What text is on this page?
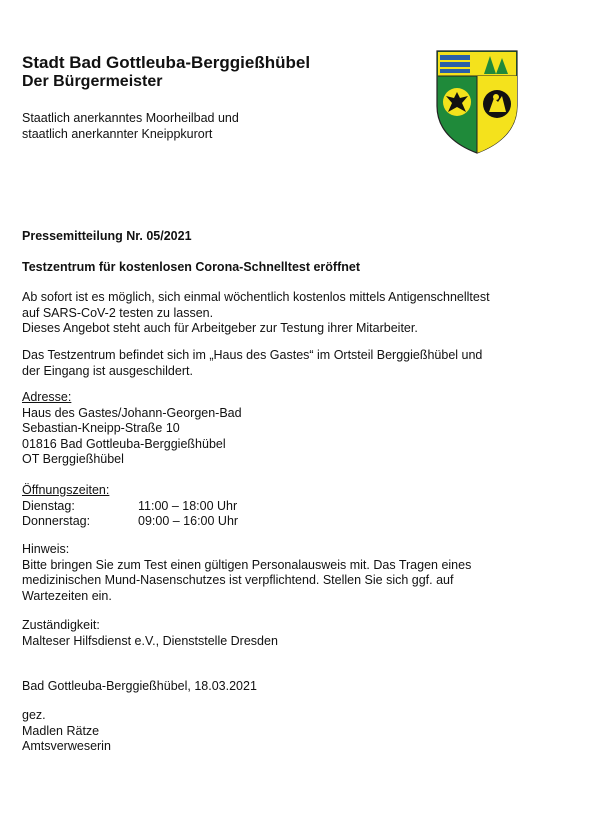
Stadt Bad Gottleuba-Berggießhübel
Der Bürgermeister
Staatlich anerkanntes Moorheilbad und
staatlich anerkannter Kneippkurort
Pressemitteilung Nr. 05/2021
Testzentrum für kostenlosen Corona-Schnelltest eröffnet
Ab sofort ist es möglich, sich einmal wöchentlich kostenlos mittels Antigenschnelltest
auf SARS-CoV-2 testen zu lassen.
Dieses Angebot steht auch für Arbeitgeber zur Testung ihrer Mitarbeiter.
Das Testzentrum befindet sich im „Haus des Gastes“ im Ortsteil Berggießhübel und
der Eingang ist ausgeschildert.
Adresse:
Haus des Gastes/Johann-Georgen-Bad
Sebastian-Kneipp-Straße 10
01816 Bad Gottleuba-Berggießhübel
OT Berggießhübel
Öffnungszeiten:
Dienstag:	11:00 – 18:00 Uhr
Donnerstag:	09:00 – 16:00 Uhr
Hinweis:
Bitte bringen Sie zum Test einen gültigen Personalausweis mit. Das Tragen eines
medizinischen Mund-Nasenschutzes ist verpflichtend. Stellen Sie sich ggf. auf
Wartezeiten ein.
Zuständigkeit:
Malteser Hilfsdienst e.V., Dienststelle Dresden
Bad Gottleuba-Berggießhübel, 18.03.2021
gez.
Madlen Rätze
Amtsverweserin
